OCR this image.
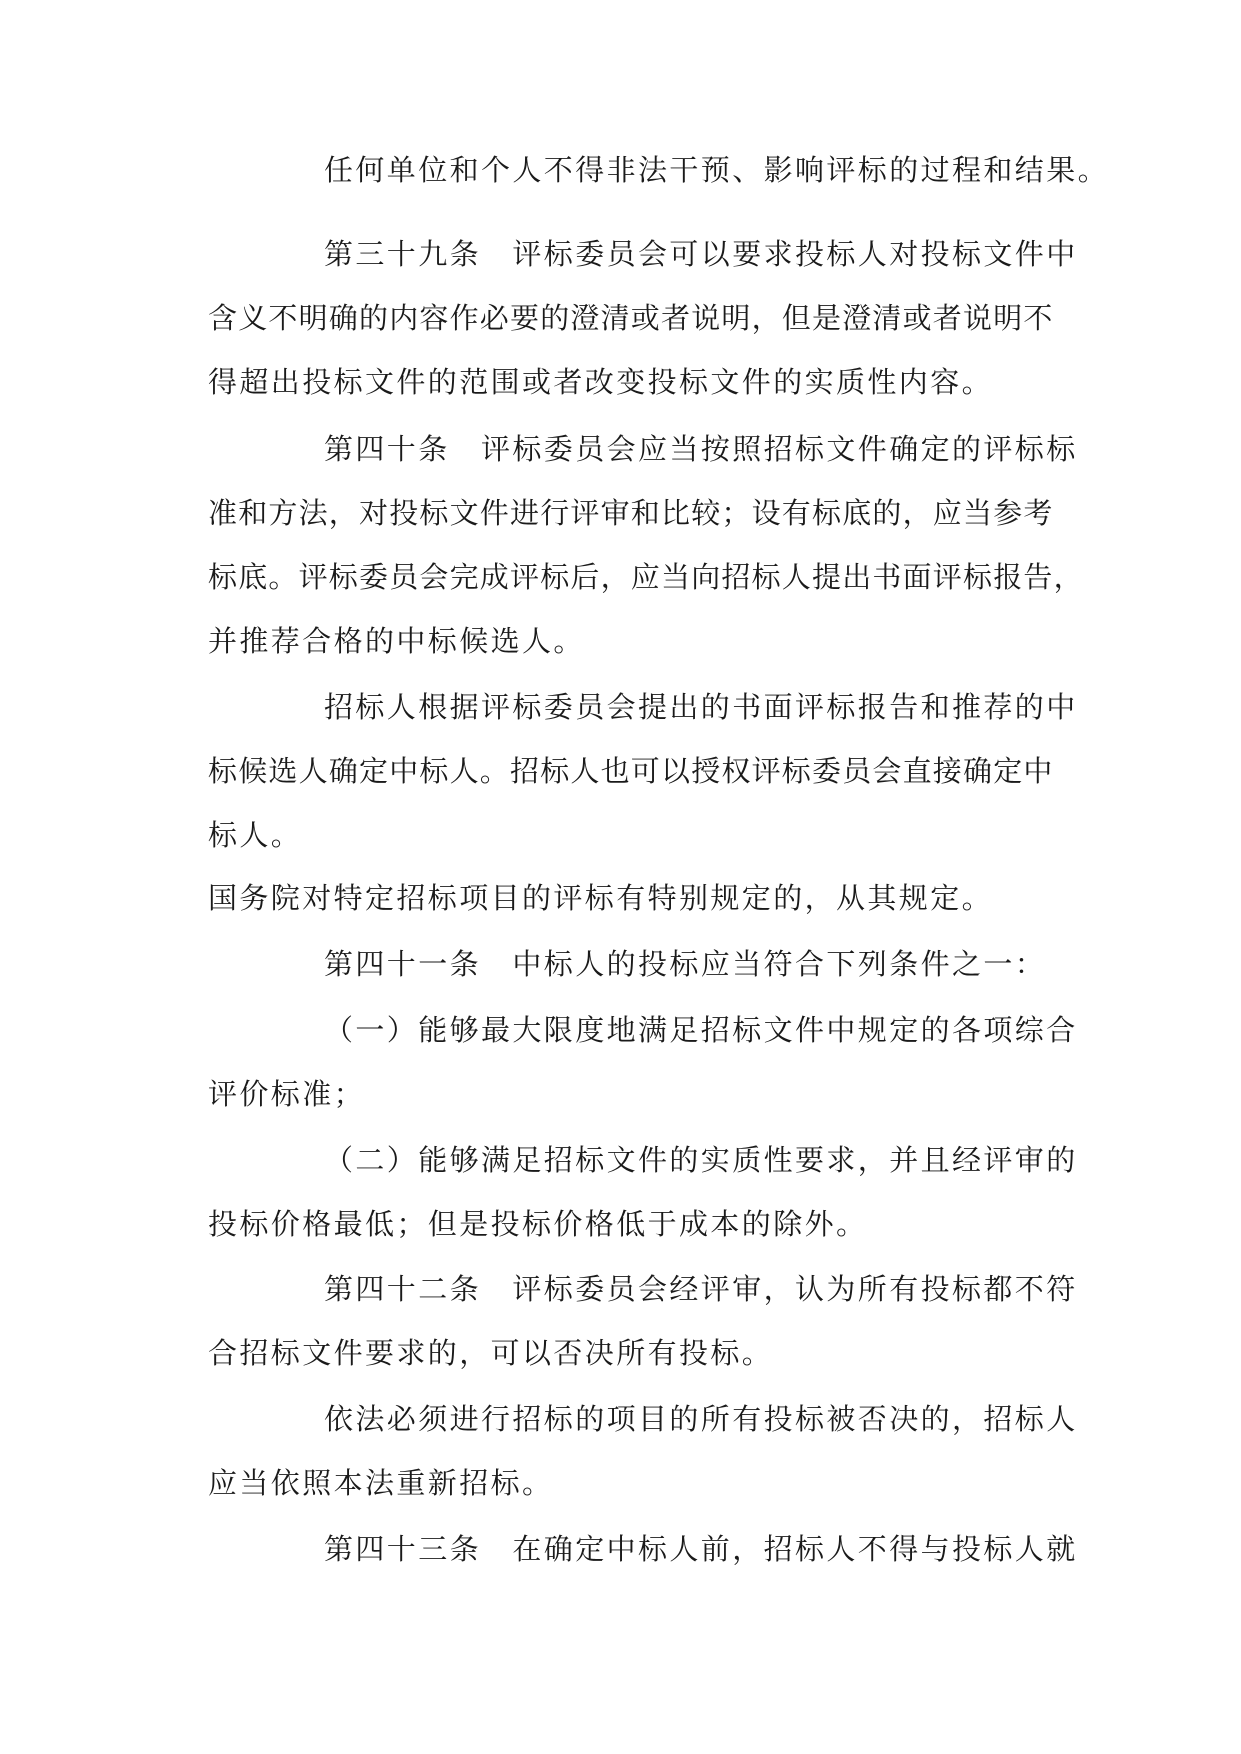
任何单位和个人不得非法干预、影响评标的过程和结果。
第三十九条　评标委员会可以要求投标人对投标文件中
含义不明确的内容作必要的澄清或者说明，但是澄清或者说明不
得超出投标文件的范围或者改变投标文件的实质性内容。
第四十条　评标委员会应当按照招标文件确定的评标标
准和方法，对投标文件进行评审和比较；设有标底的，应当参考
标底。评标委员会完成评标后，应当向招标人提出书面评标报告，
并推荐合格的中标候选人。
招标人根据评标委员会提出的书面评标报告和推荐的中
标候选人确定中标人。招标人也可以授权评标委员会直接确定中
标人。
国务院对特定招标项目的评标有特别规定的，从其规定。
第四十一条　中标人的投标应当符合下列条件之一：
（一）能够最大限度地满足招标文件中规定的各项综合
评价标准；
（二）能够满足招标文件的实质性要求，并且经评审的
投标价格最低；但是投标价格低于成本的除外。
第四十二条　评标委员会经评审，认为所有投标都不符
合招标文件要求的，可以否决所有投标。
依法必须进行招标的项目的所有投标被否决的，招标人
应当依照本法重新招标。
第四十三条　在确定中标人前，招标人不得与投标人就
